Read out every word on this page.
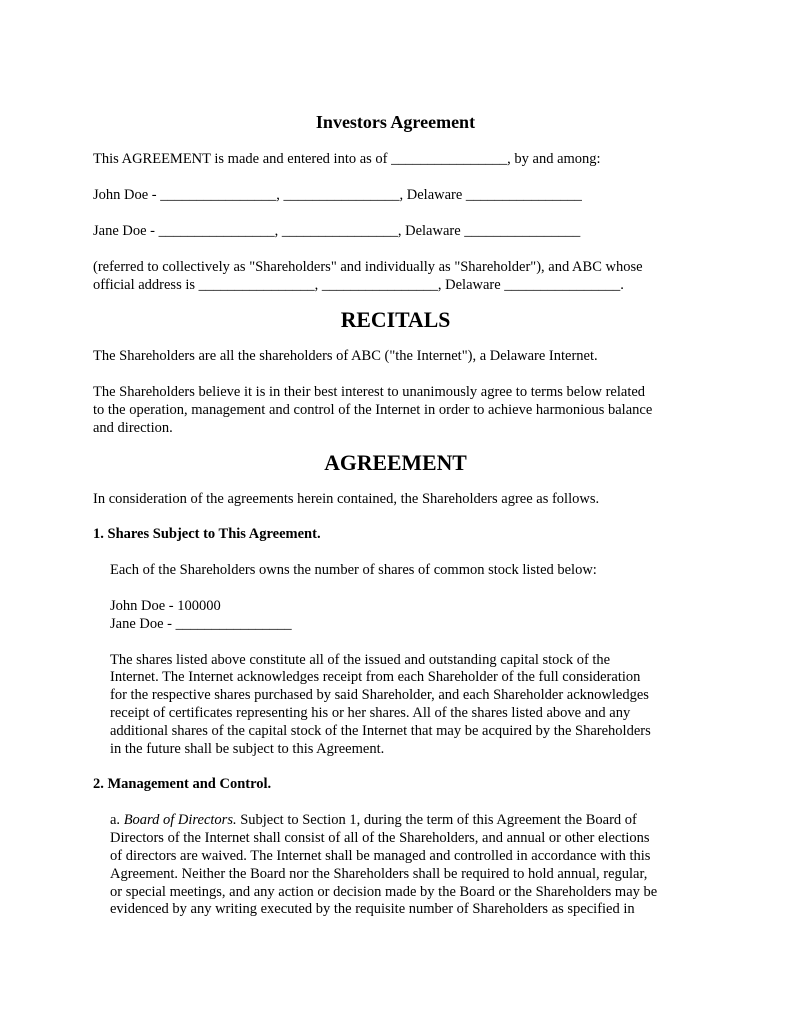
Investors Agreement

This AGREEMENT is made and entered into as of ________________, by and among:

John Doe - ________________, ________________, Delaware ________________

Jane Doe - ________________, ________________, Delaware ________________

(referred to collectively as "Shareholders" and individually as "Shareholder"), and ABC whose

official address is ________________, ________________, Delaware ________________.

RECITALS

The Shareholders are all the shareholders of ABC ("the Internet"), a Delaware Internet.

The Shareholders believe it is in their best interest to unanimously agree to terms below related

to the operation, management and control of the Internet in order to achieve harmonious balance

and direction.

AGREEMENT

In consideration of the agreements herein contained, the Shareholders agree as follows.

1. Shares Subject to This Agreement.

Each of the Shareholders owns the number of shares of common stock listed below:

John Doe - 100000

Jane Doe - ________________

The shares listed above constitute all of the issued and outstanding capital stock of the

Internet. The Internet acknowledges receipt from each Shareholder of the full consideration

for the respective shares purchased by said Shareholder, and each Shareholder acknowledges

receipt of certificates representing his or her shares. All of the shares listed above and any

additional shares of the capital stock of the Internet that may be acquired by the Shareholders

in the future shall be subject to this Agreement.

2. Management and Control.

a. Board of Directors. Subject to Section 1, during the term of this Agreement the Board of

Directors of the Internet shall consist of all of the Shareholders, and annual or other elections

of directors are waived. The Internet shall be managed and controlled in accordance with this

Agreement. Neither the Board nor the Shareholders shall be required to hold annual, regular,

or special meetings, and any action or decision made by the Board or the Shareholders may be

evidenced by any writing executed by the requisite number of Shareholders as specified in
